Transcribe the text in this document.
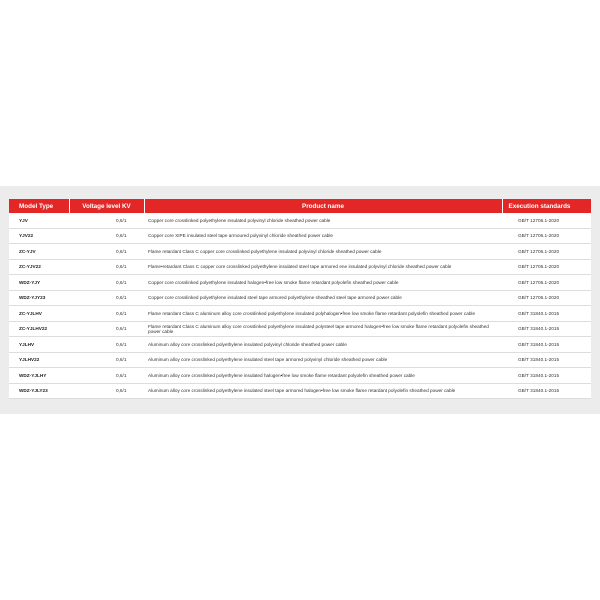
Model Type	Voltage level KV	Product name	Execution standards
YJV	0,6/1	Copper core crosslinked polyethylene insulated polyvinyl chloride sheathed power cable	GB/T 12706.1-2020
YJV22	0,6/1	Copper core XIPE insulated steel tape armoured polyvinyl chloride sheathed power cable	GB/T 12706.1-2020
ZC-YJV	0,6/1	Flame retardant Class C copper core crosslinked polyethylene insulated polyvinyl chloride sheathed power cable	GB/T 12706.1-2020
ZC-YJV22	0,6/1	Flame•retardant Class C copper core crosslinked polyethylene insulated steel tape armored ene insulated polyvinyl chloride sheathed power cable	GB/T 12706.1-2020
WDZ-YJY	0,6/1	Copper core crosslinked polyethylene insulated halogen•free low smoke flame retardant polyolefin sheathed power cable	GB/T 12706.1-2020
WDZ-YJY23	0,6/1	Copper core crosslinked polyethylene insulated steel tape armored polyethylene sheathed steel tape armored power cable	GB/T 12706.1-2020
ZC-YJLHV	0,6/1	Flame retardant Class C aluminum alloy core crosslinked polyethylene insulated polyhalogen•free low smoke flame retardant polyolefin sheathed power cable	GB/T 31840.1-2015
ZC-YJLHV22	0,6/1	Flame retardant Class C aluminum alloy core crosslinked polyethylene insulated polysteel tape armored halogen•free low smoke flame retardant polyolefin sheathed power cable	GB/T 31840.1-2015
YJLHV	0,6/1	Aluminum alloy core crosslinked polyethylene insulated polyvinyl chloride sheathed power cable	GB/T 31840.1-2015
YJLHV22	0,6/1	Aluminum alloy core crosslinked polyethylene insulated steel tape armored polyvinyl chloride sheathed power cable	GB/T 31840.1-2015
WDZ-YJLHY	0,6/1	Aluminum alloy core crosslinked polyethylene insulated halogen•free low smoke flame retardant polyolefin sheathed power cable	GB/T 31840.1-2015
WDZ-YJLY23	0,6/1	Aluminum alloy core crosslinked polyethylene insulated steel tape armored halogen•free low smoke flame retardant polyolefin sheathed power cable	GB/T 31840.1-2015
